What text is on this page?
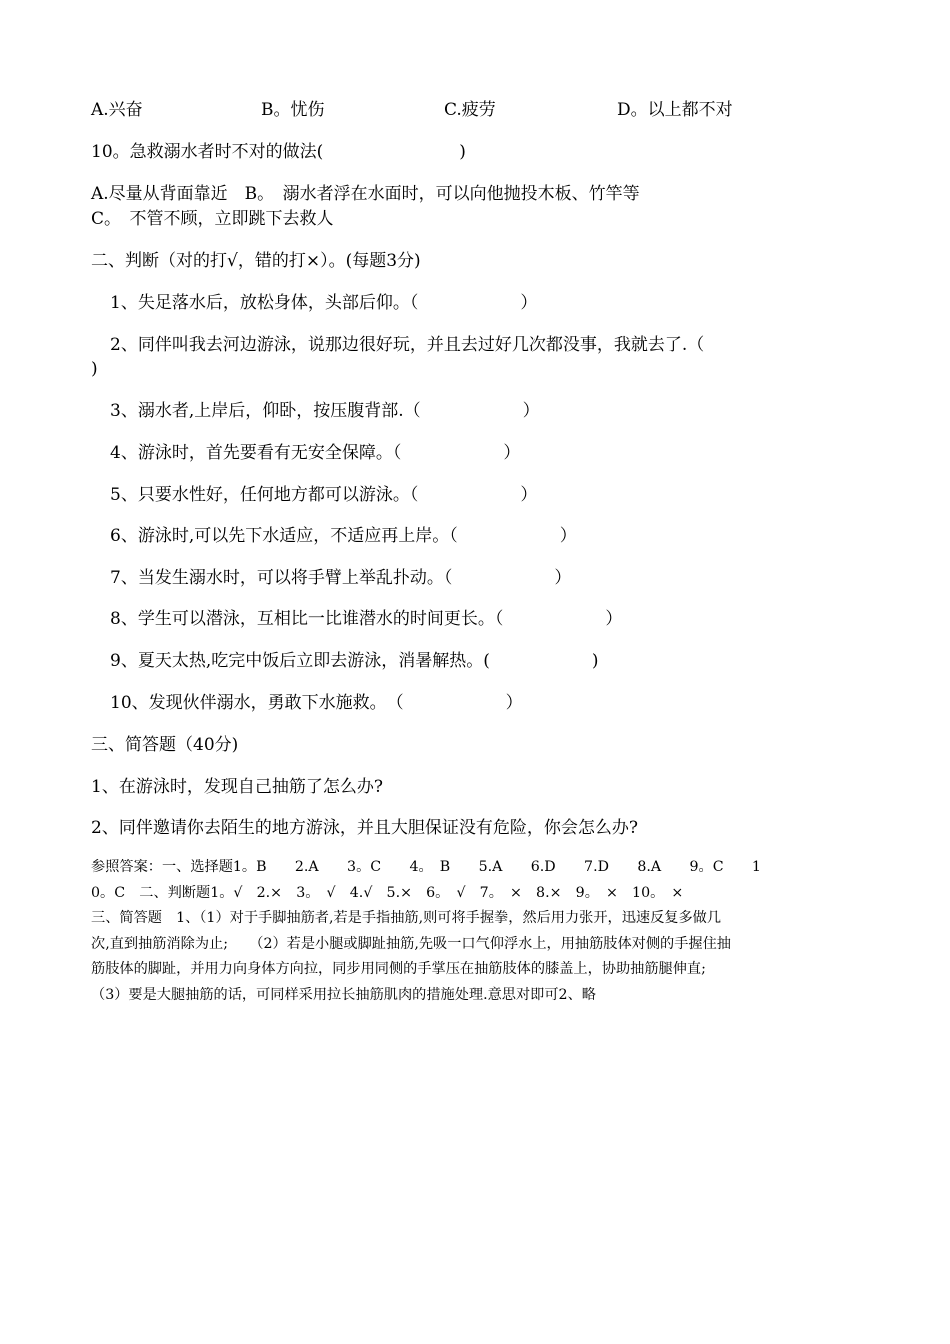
A.兴奋	B。忧伤	C.疲劳	D。以上都不对
10。急救溺水者时不对的做法(　　　　　　　　)
A.尽量从背面靠近　B。　溺水者浮在水面时，可以向他抛投木板、竹竿等
C。　不管不顾，立即跳下去救人
二、判断（对的打√，错的打×）。(每题3分)
1、失足落水后，放松身体，头部后仰。（　　　　　　）
2、同伴叫我去河边游泳，说那边很好玩，并且去过好几次都没事，我就去了.（
)
3、溺水者,上岸后，仰卧，按压腹背部.（　　　　　　）
4、游泳时，首先要看有无安全保障。（　　　　　　）
5、只要水性好，任何地方都可以游泳。（　　　　　　）
6、游泳时,可以先下水适应，不适应再上岸。（　　　　　　）
7、当发生溺水时，可以将手臂上举乱扑动。（　　　　　　）
8、学生可以潜泳，互相比一比谁潜水的时间更长。（　　　　　　）
9、夏天太热,吃完中饭后立即去游泳，消暑解热。(　　　　　　)
10、发现伙伴溺水，勇敢下水施救。　（　　　　　　）
三、简答题（40分)
1、在游泳时，发现自己抽筋了怎么办?
2、同伴邀请你去陌生的地方游泳，并且大胆保证没有危险，你会怎么办?

参照答案：一、选择题1。B　　2.A　　3。C　　4。　B　　5.A　　6.D　　7.D　　8.A　　9。C　　1

0。C　二、判断题1。√　2.×　3。　√　4.√　5.×　6。　√　7。　×　8.×　9。　×　10。　×

三、简答题　1、（1）对于手脚抽筋者,若是手指抽筋,则可将手握拳，然后用力张开，迅速反复多做几

次,直到抽筋消除为止;　　（2）若是小腿或脚趾抽筋,先吸一口气仰浮水上，用抽筋肢体对侧的手握住抽

筋肢体的脚趾，并用力向身体方向拉，同步用同侧的手掌压在抽筋肢体的膝盖上，协助抽筋腿伸直;

（3）要是大腿抽筋的话，可同样采用拉长抽筋肌肉的措施处理.意思对即可2、略
